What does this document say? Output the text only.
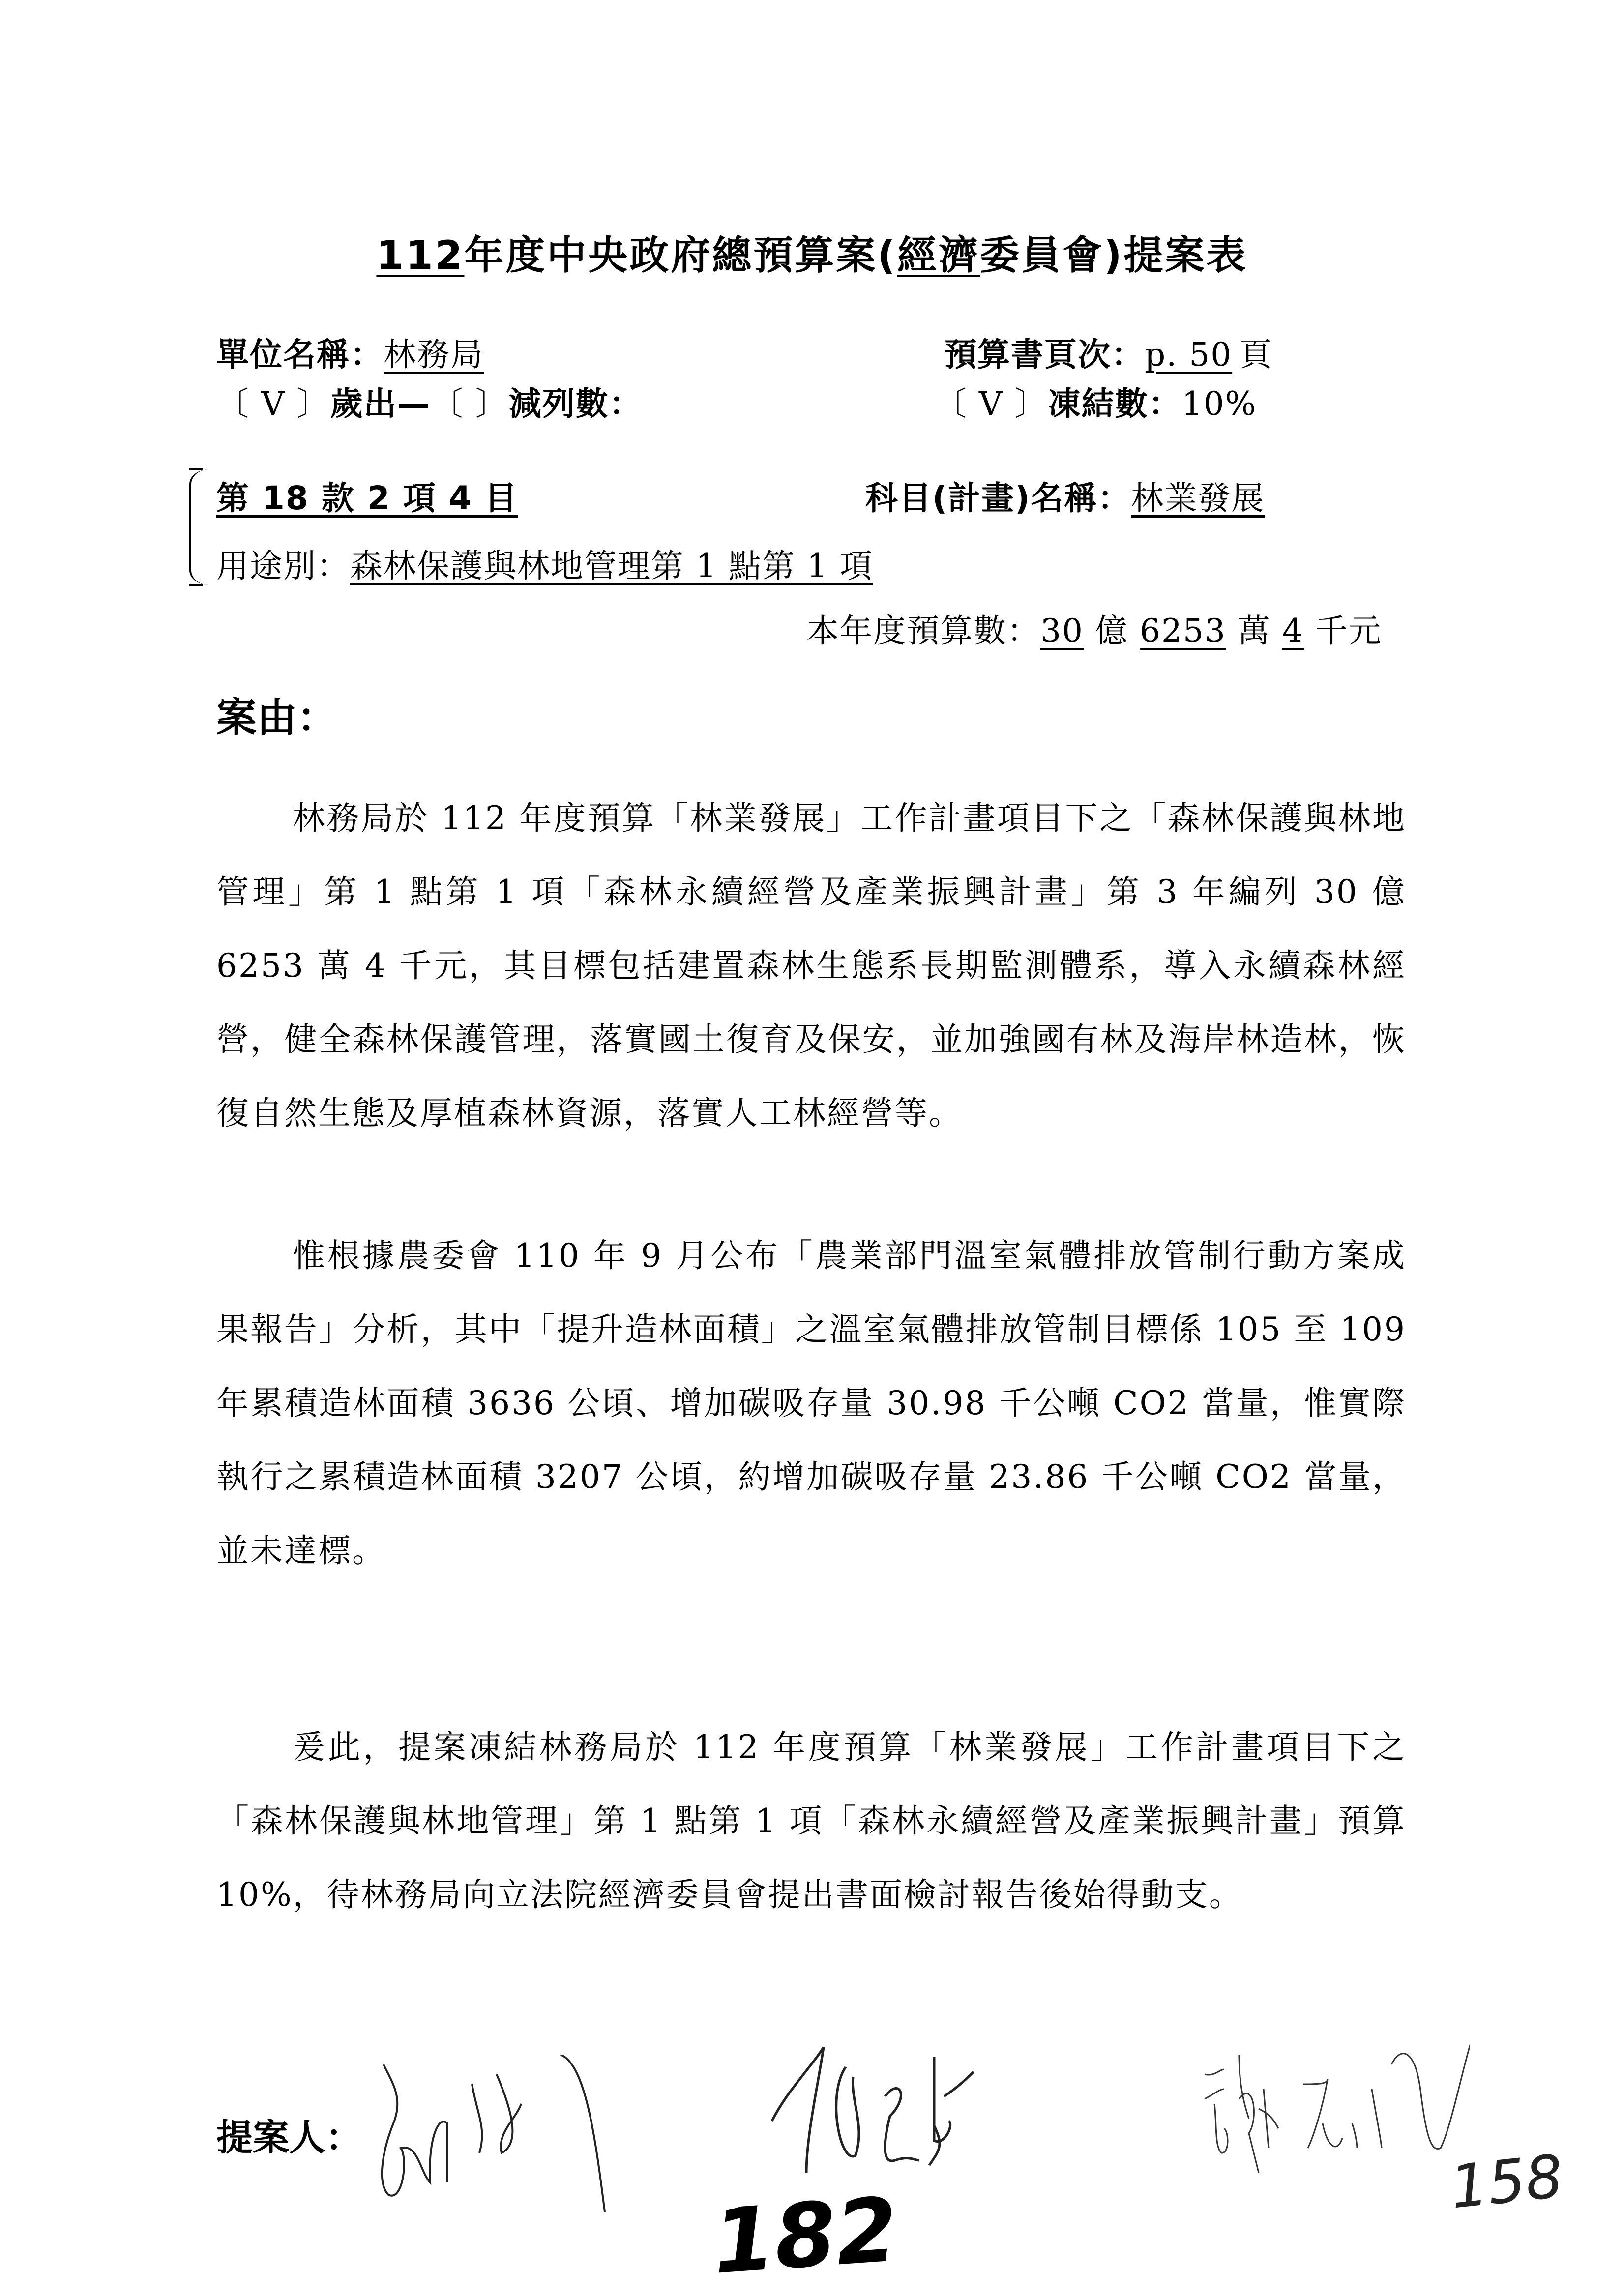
112年度中央政府總預算案(經濟委員會)提案表
單位名稱：林務局	預算書頁次：p. 50 頁
〔 V 〕歲出—〔 〕減列數：	〔 V 〕凍結數：10%
第 18 款 2 項 4 目	科目(計畫)名稱：林業發展
用途別：森林保護與林地管理第 1 點第 1 項
本年度預算數：30 億 6253 萬 4 千元
案由：

林務局於 112 年度預算「林業發展」工作計畫項目下之「森林保護與林地管理」第 1 點第 1 項「森林永續經營及產業振興計畫」第 3 年編列 30 億 6253 萬 4 千元，其目標包括建置森林生態系長期監測體系，導入永續森林經營，健全森林保護管理，落實國土復育及保安，並加強國有林及海岸林造林，恢復自然生態及厚植森林資源，落實人工林經營等。

惟根據農委會 110 年 9 月公布「農業部門溫室氣體排放管制行動方案成果報告」分析，其中「提升造林面積」之溫室氣體排放管制目標係 105 至 109 年累積造林面積 3636 公頃、增加碳吸存量 30.98 千公噸 CO2 當量，惟實際執行之累積造林面積 3207 公頃，約增加碳吸存量 23.86 千公噸 CO2 當量，並未達標。

爰此，提案凍結林務局於 112 年度預算「林業發展」工作計畫項目下之「森林保護與林地管理」第 1 點第 1 項「森林永續經營及產業振興計畫」預算 10%，待林務局向立法院經濟委員會提出書面檢討報告後始得動支。

提案人：
182	158
